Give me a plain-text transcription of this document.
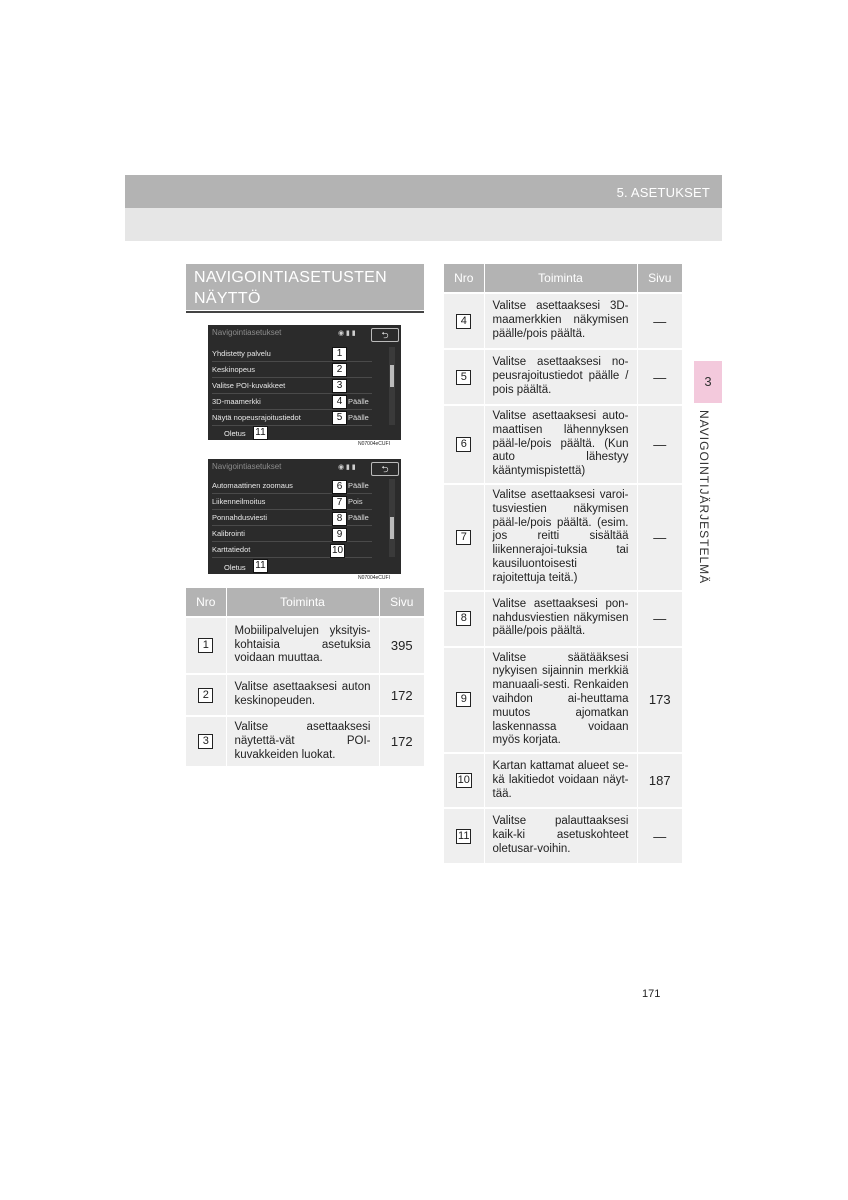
5. ASETUKSET
3
NAVIGOINTIJÄRJESTELMÄ
NAVIGOINTIASETUSTEN
NÄYTTÖ
Navigointiasetukset	◉ ▮ ▮	⮌
Yhdistetty palvelu	1
Keskinopeus	2
Valitse POI-kuvakkeet	3
3D-maamerkki	Päälle
4
Näytä nopeusrajoitustiedot	Päälle
5
Oletus 11
N07004eCUFI
Navigointiasetukset	◉ ▮ ▮	⮌
Automaattinen zoomaus	Päälle
6
Liikenneilmoitus	Pois
7
Ponnahdusviesti	Päälle
8
Kalibrointi	9
Karttatiedot	10
Oletus 11
N07004eCUFI
Nro	Toiminta	Sivu
1	Mobiilipalvelujen yksityis-kohtaisia asetuksia voidaan muuttaa.	395
2	Valitse asettaaksesi auton keskinopeuden.	172
3	Valitse asettaaksesi näytettä-vät POI-kuvakkeiden luokat.	172
Nro	Toiminta	Sivu
4	Valitse asettaaksesi 3D-maamerkkien näkymisen päälle/pois päältä.	—
5	Valitse asettaaksesi no-peusrajoitustiedot päälle / pois päältä.	—
6	Valitse asettaaksesi auto-maattisen lähennyksen pääl-le/pois päältä. (Kun auto lähestyy kääntymispistettä)	—
7	Valitse asettaaksesi varoi-tusviestien näkymisen pääl-le/pois päältä. (esim. jos reitti sisältää liikennerajoi-tuksia tai kausiluontoisesti rajoitettuja teitä.)	—
8	Valitse asettaaksesi pon-nahdusviestien näkymisen päälle/pois päältä.	—
9	Valitse säätääksesi nykyisen sijainnin merkkiä manuaali-sesti. Renkaiden vaihdon ai-heuttama muutos ajomatkan laskennassa voidaan myös korjata.	173
10	Kartan kattamat alueet se-kä lakitiedot voidaan näyt-tää.	187
11	Valitse palauttaaksesi kaik-ki asetuskohteet oletusar-voihin.	—
171
